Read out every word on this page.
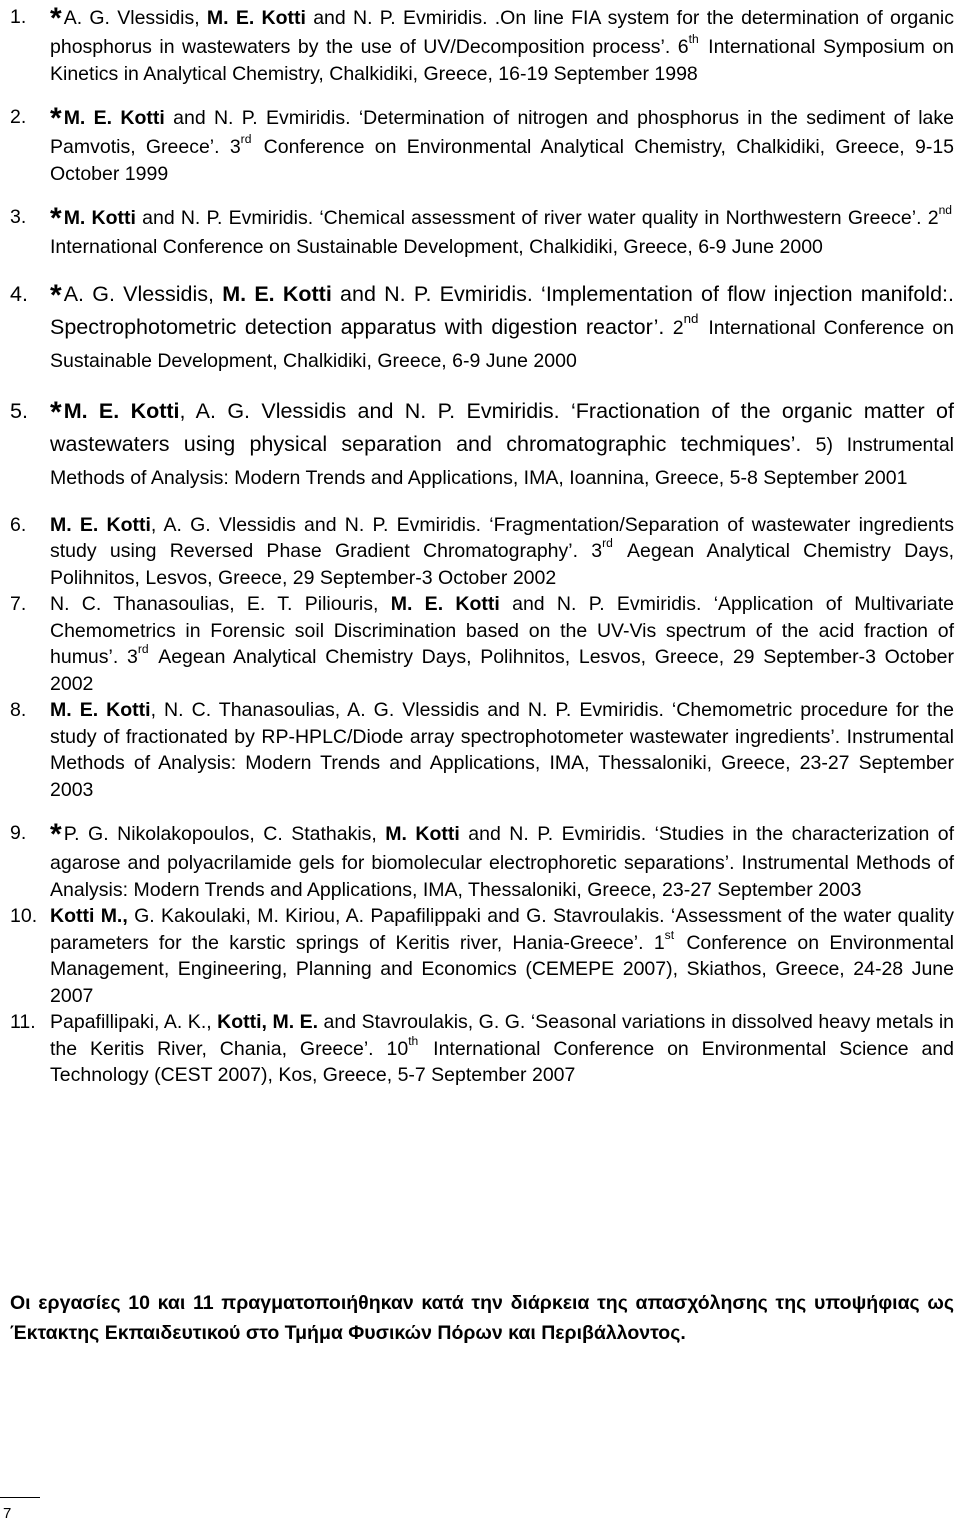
1. * A. G. Vlessidis, M. E. Kotti and N. P. Evmiridis. .On line FIA system for the determination of organic phosphorus in wastewaters by the use of UV/Decomposition process’. 6th International Symposium on Kinetics in Analytical Chemistry, Chalkidiki, Greece, 16-19 September 1998
2. * M. E. Kotti and N. P. Evmiridis. ‘Determination of nitrogen and phosphorus in the sediment of lake Pamvotis, Greece’. 3rd Conference on Environmental Analytical Chemistry, Chalkidiki, Greece, 9-15 October 1999
3. * M. Kotti and N. P. Evmiridis. ‘Chemical assessment of river water quality in Northwestern Greece’. 2nd International Conference on Sustainable Development, Chalkidiki, Greece, 6-9 June 2000
4. *A. G. Vlessidis, M. E. Kotti and N. P. Evmiridis. ‘Implementation of flow injection manifold:. Spectrophotometric detection apparatus with digestion reactor’. 2nd International Conference on Sustainable Development, Chalkidiki, Greece, 6-9 June 2000
5. *M. E. Kotti, A. G. Vlessidis and N. P. Evmiridis. ‘Fractionation of the organic matter of wastewaters using physical separation and chromatographic techmiques’. 5) Instrumental Methods of Analysis: Modern Trends and Applications, IMA, Ioannina, Greece, 5-8 September 2001
6. M. E. Kotti, A. G. Vlessidis and N. P. Evmiridis. ‘Fragmentation/Separation of wastewater ingredients study using Reversed Phase Gradient Chromatography’. 3rd Aegean Analytical Chemistry Days, Polihnitos, Lesvos, Greece, 29 September-3 October 2002
7. N. C. Thanasoulias, E. T. Piliouris, M. E. Kotti and N. P. Evmiridis. ‘Application of Multivariate Chemometrics in Forensic soil Discrimination based on the UV-Vis spectrum of the acid fraction of humus’. 3rd Aegean Analytical Chemistry Days, Polihnitos, Lesvos, Greece, 29 September-3 October 2002
8. M. E. Kotti, N. C. Thanasoulias, A. G. Vlessidis and N. P. Evmiridis. ‘Chemometric procedure for the study of fractionated by RP-HPLC/Diode array spectrophotometer wastewater ingredients’. Instrumental Methods of Analysis: Modern Trends and Applications, IMA, Thessaloniki, Greece, 23-27 September 2003
9. * P. G. Nikolakopoulos, C. Stathakis, M. Kotti and N. P. Evmiridis. ‘Studies in the characterization of agarose and polyacrilamide gels for biomolecular electrophoretic separations’. Instrumental Methods of Analysis: Modern Trends and Applications, IMA, Thessaloniki, Greece, 23-27 September 2003
10. Kotti M., G. Kakoulaki, M. Kiriou, A. Papafilippaki and G. Stavroulakis. ‘Assessment of the water quality parameters for the karstic springs of Keritis river, Hania-Greece’. 1st Conference on Environmental Management, Engineering, Planning and Economics (CEMEPE 2007), Skiathos, Greece, 24-28 June 2007
11. Papafillipaki, A. K., Kotti, M. E. and Stavroulakis, G. G. ‘Seasonal variations in dissolved heavy metals in the Keritis River, Chania, Greece’. 10th International Conference on Environmental Science and Technology (CEST 2007), Kos, Greece, 5-7 September 2007

Οι εργασίες 10 και 11 πραγματοποιήθηκαν κατά την διάρκεια της απασχόλησης της υποψήφιας ως Έκτακτης Εκπαιδευτικού στο Τμήμα Φυσικών Πόρων και Περιβάλλοντος.

7
